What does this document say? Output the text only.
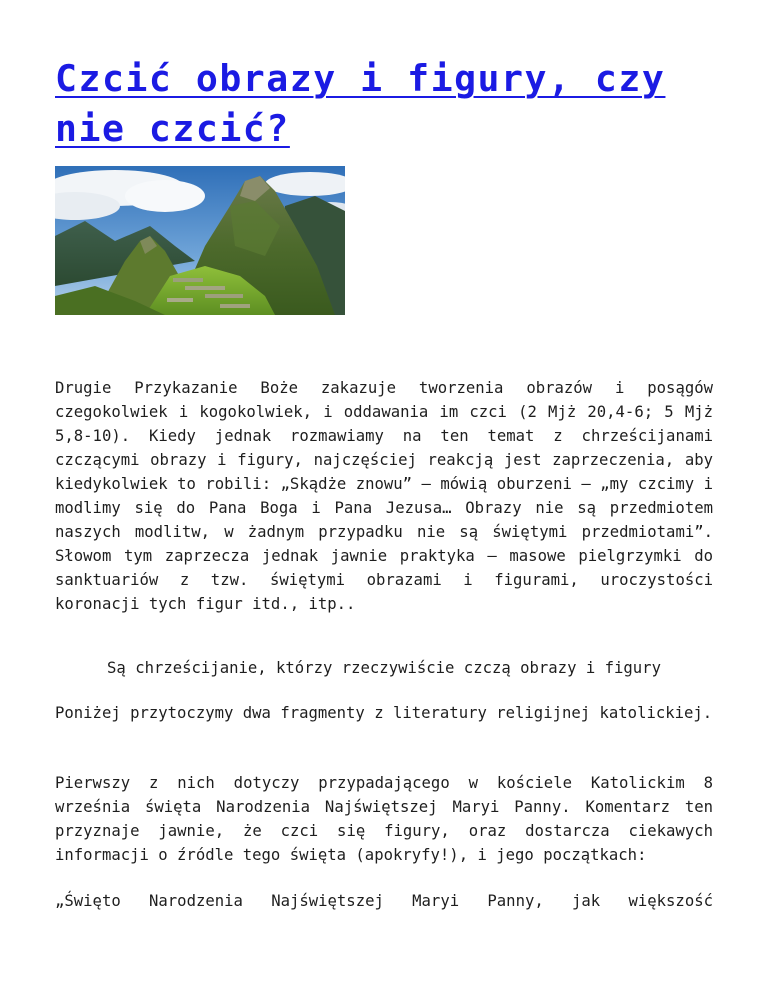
Czcić obrazy i figury, czy nie czcić?

Drugie Przykazanie Boże zakazuje tworzenia obrazów i posągów czegokolwiek i kogokolwiek, i oddawania im czci (2 Mjż 20,4-6; 5 Mjż 5,8-10). Kiedy jednak rozmawiamy na ten temat z chrześcijanami czczącymi obrazy i figury, najczęściej reakcją jest zaprzeczenia, aby kiedykolwiek to robili: „Skądże znowu” – mówią oburzeni – „my czcimy i modlimy się do Pana Boga i Pana Jezusa… Obrazy nie są przedmiotem naszych modlitw, w żadnym przypadku nie są świętymi przedmiotami”. Słowom tym zaprzecza jednak jawnie praktyka – masowe pielgrzymki do sanktuariów z tzw. świętymi obrazami i figurami, uroczystości koronacji tych figur itd., itp..

Są chrześcijanie, którzy rzeczywiście czczą obrazy i figury

Poniżej przytoczymy dwa fragmenty z literatury religijnej katolickiej.

Pierwszy z nich dotyczy przypadającego w kościele Katolickim 8 września święta Narodzenia Najświętszej Maryi Panny. Komentarz ten przyznaje jawnie, że czci się figury, oraz dostarcza ciekawych informacji o źródle tego święta (apokryfy!), i jego początkach:

„Święto Narodzenia Najświętszej Maryi Panny, jak większość
